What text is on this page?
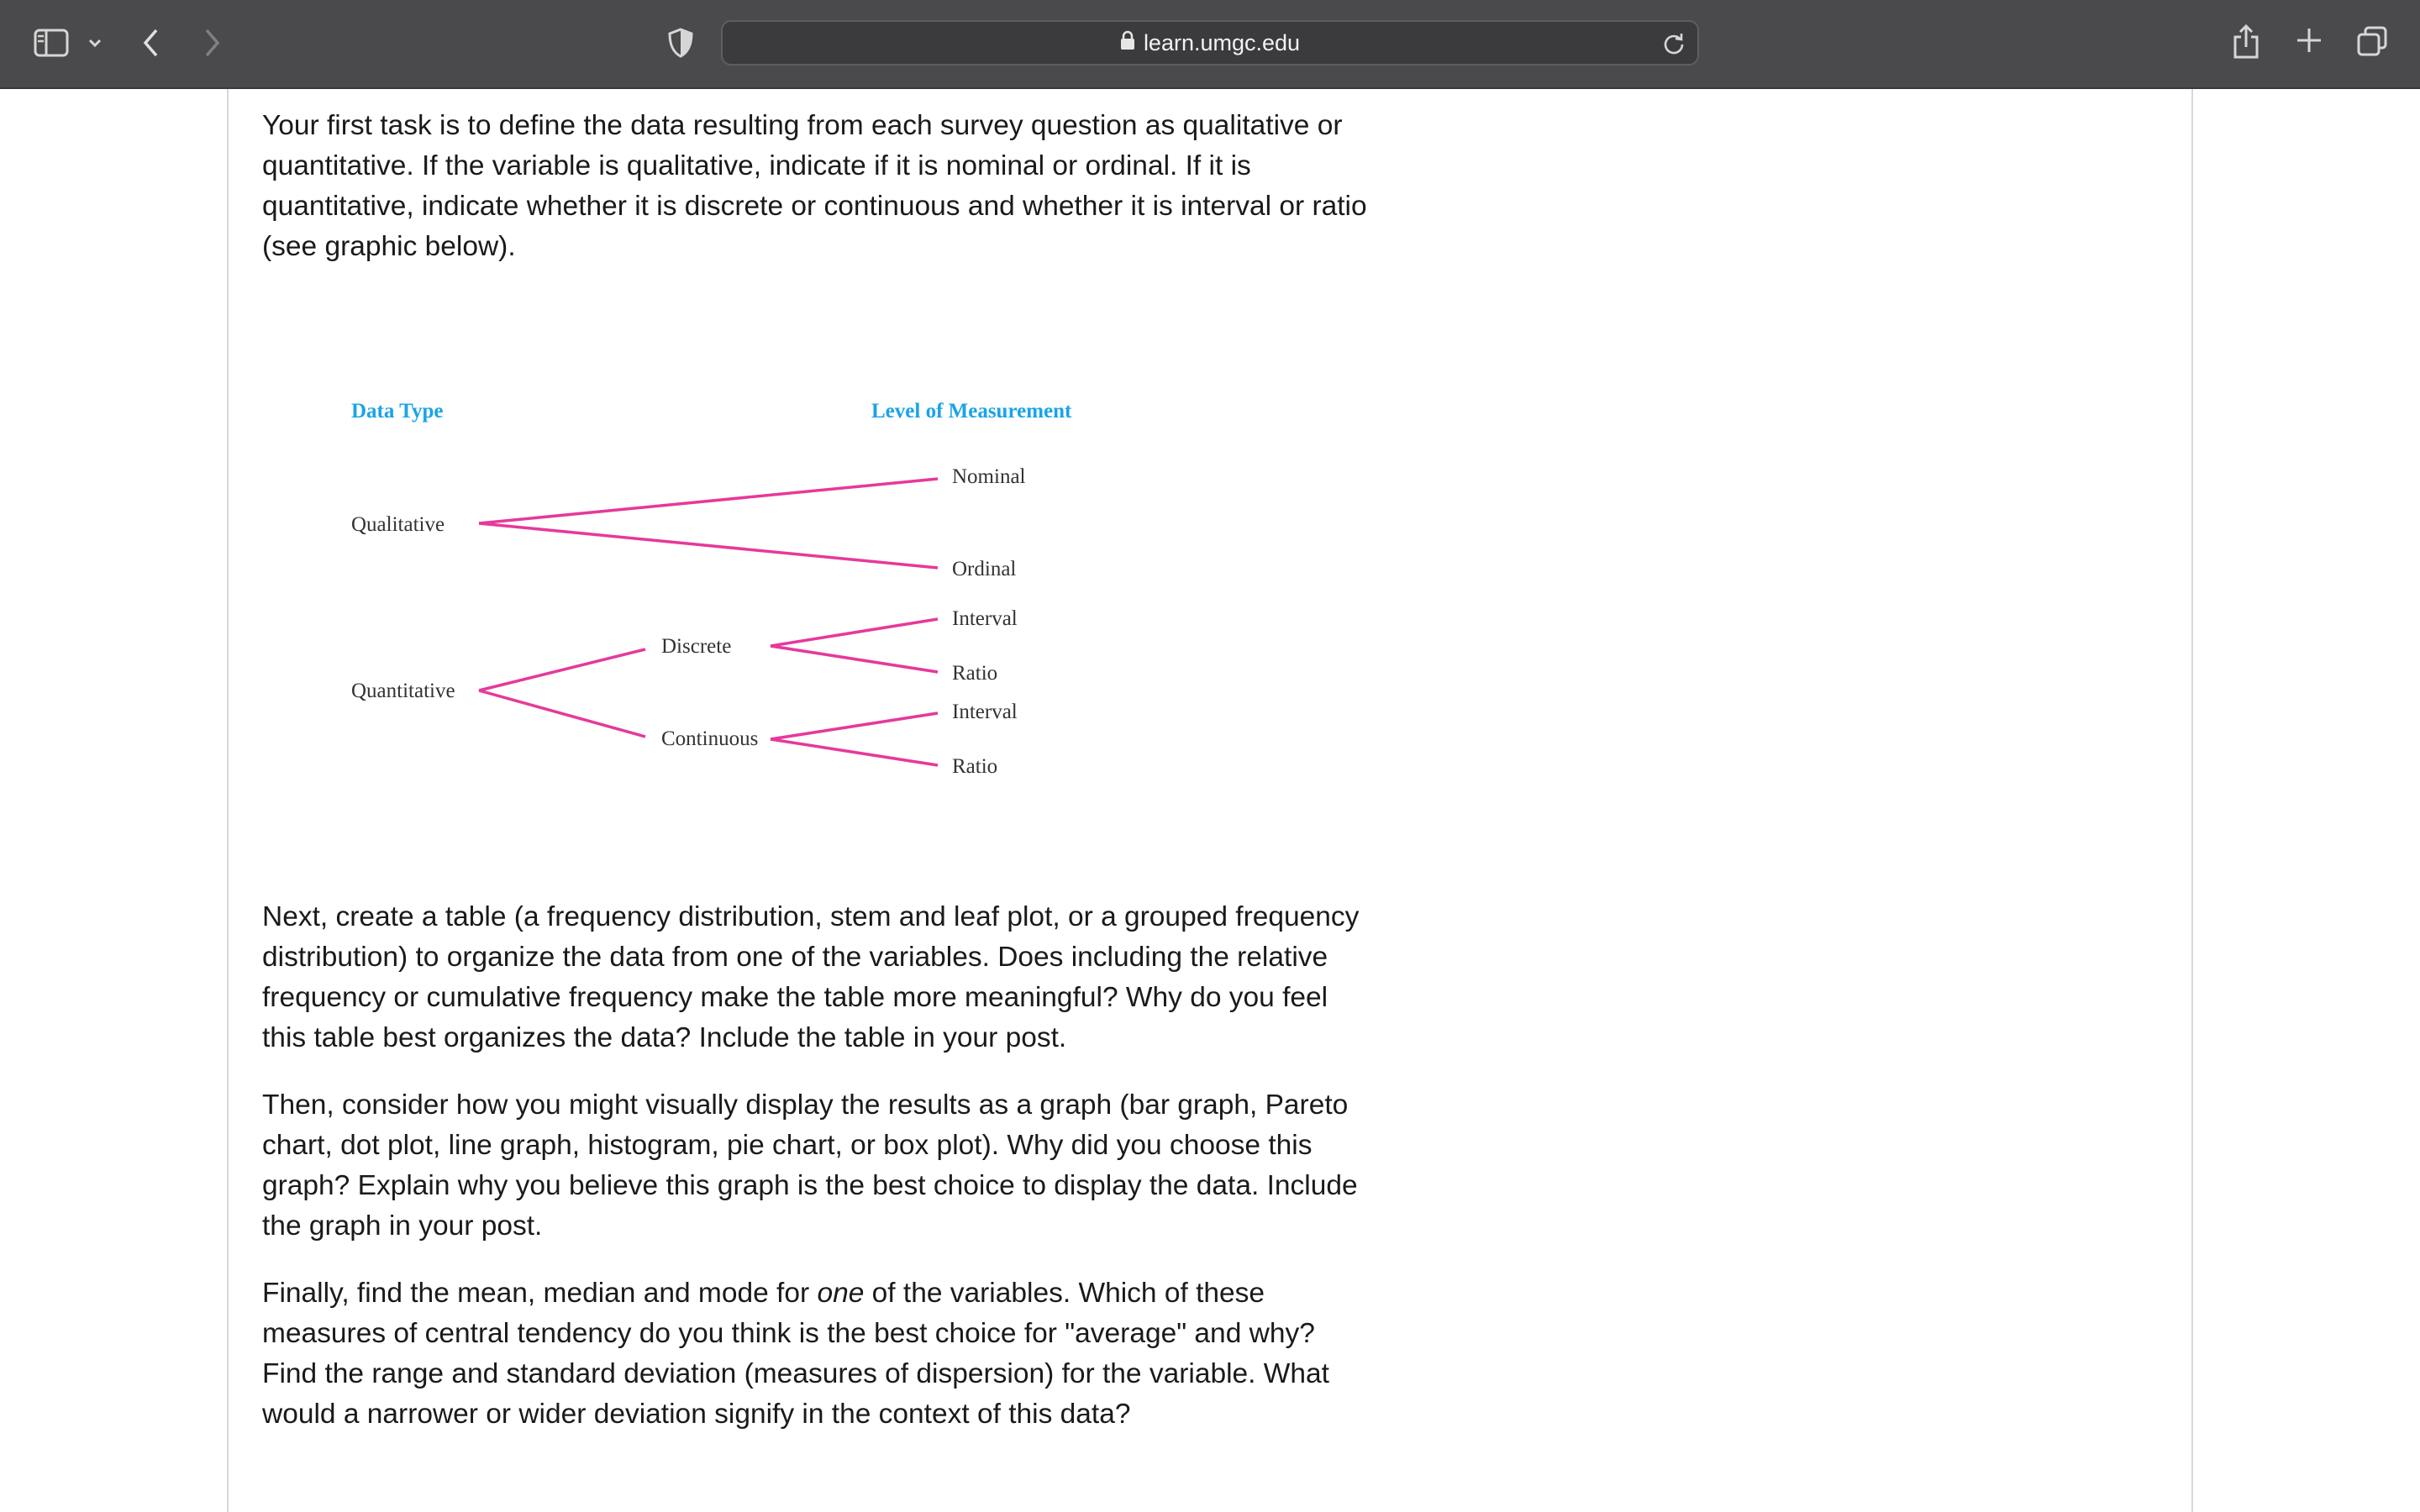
learn.umgc.edu

Your first task is to define the data resulting from each survey question as qualitative or quantitative. If the variable is qualitative, indicate if it is nominal or ordinal. If it is quantitative, indicate whether it is discrete or continuous and whether it is interval or ratio (see graphic below).

Next, create a table (a frequency distribution, stem and leaf plot, or a grouped frequency distribution) to organize the data from one of the variables. Does including the relative frequency or cumulative frequency make the table more meaningful? Why do you feel this table best organizes the data? Include the table in your post.

Then, consider how you might visually display the results as a graph (bar graph, Pareto chart, dot plot, line graph, histogram, pie chart, or box plot). Why did you choose this graph? Explain why you believe this graph is the best choice to display the data. Include the graph in your post.

Finally, find the mean, median and mode for one of the variables. Which of these measures of central tendency do you think is the best choice for "average" and why? Find the range and standard deviation (measures of dispersion) for the variable. What would a narrower or wider deviation signify in the context of this data?

Data Type	Level of Measurement
Qualitative
Quantitative
Nominal
Ordinal
Discrete
Continuous
Interval
Ratio
Interval
Ratio
